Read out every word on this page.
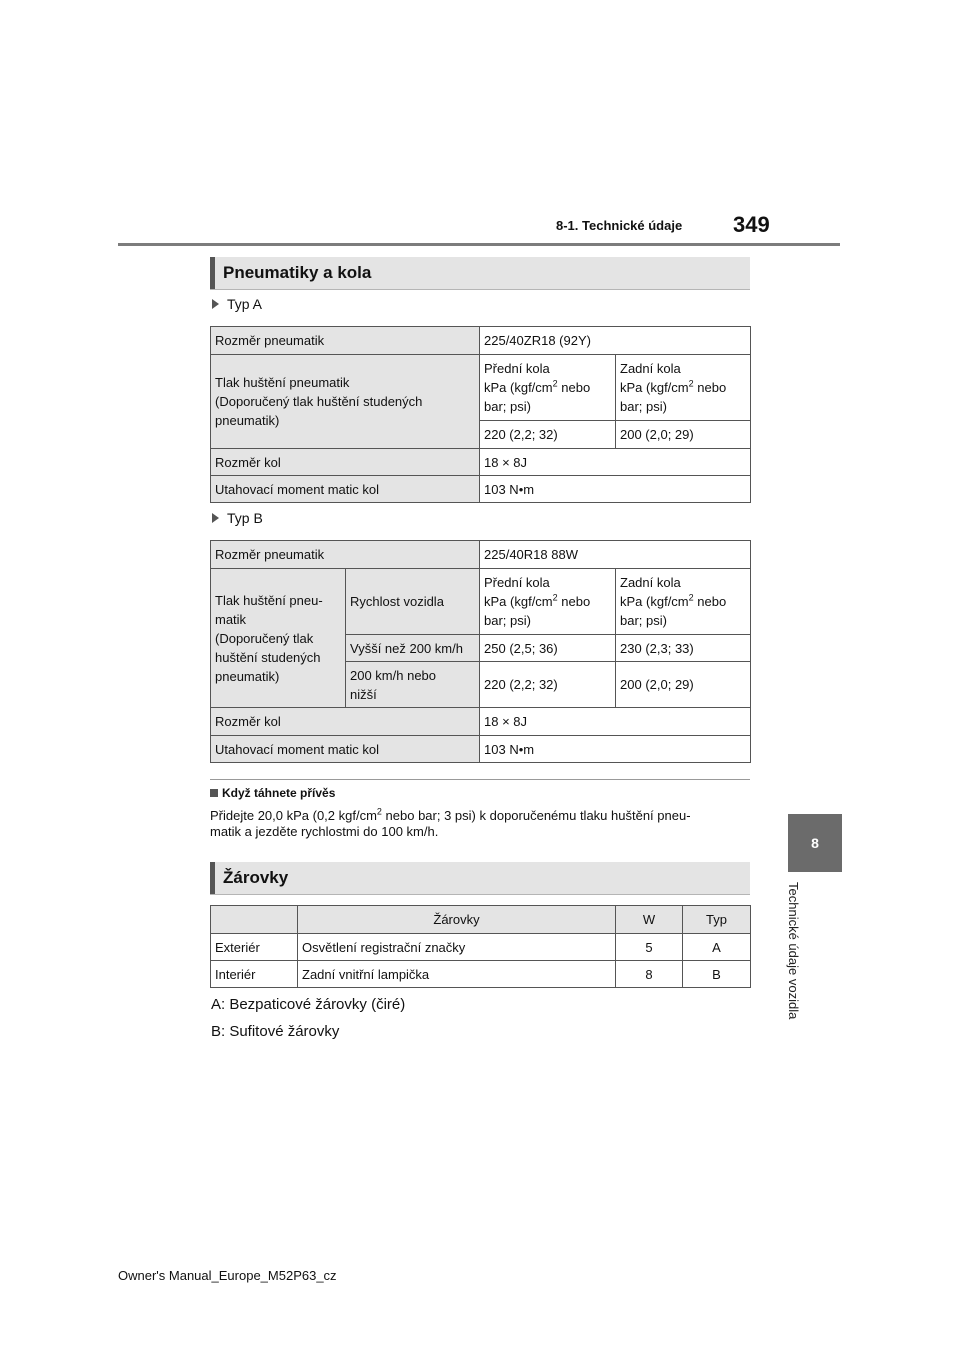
8-1. Technické údaje 349
8
Technické údaje vozidla
Pneumatiky a kola
Typ A
Rozměr pneumatik	225/40ZR18 (92Y)	
Tlak huštění pneumatik
(Doporučený tlak huštění studených
pneumatik)	Přední kola
kPa ($kgf/cm^2$ nebo
bar; psi)	Zadní kola
kPa ($kgf/cm^2$ nebo
bar; psi)
	220 (2,2; 32)	200 (2,0; 29)
Rozměr kol	18 × 8J	
Utahovací moment matic kol	103 N•m	
Typ B
Rozměr pneumatik		225/40R18 88W	
Tlak huštění pneu-
matik
(Doporučený tlak
huštění studených
pneumatik)	Rychlost vozidla	Přední kola
kPa ($kgf/cm^2$ nebo
bar; psi)	Zadní kola
kPa ($kgf/cm^2$ nebo
bar; psi)
	Vyšší než 200 km/h	250 (2,5; 36)	230 (2,3; 33)
	200 km/h nebo
nižší	220 (2,2; 32)	200 (2,0; 29)
Rozměr kol		18 × 8J	
Utahovací moment matic kol		103 N•m	
Když táhnete přívěs
Přidejte 20,0 kPa (0,2 kgf/$cm^2$ nebo bar; 3 psi) k doporučenému tlaku huštění pneu-
matik a jezděte rychlostmi do 100 km/h.
Žárovky
	Žárovky	W	Typ
Exteriér	Osvětlení registrační značky	5	A
Interiér	Zadní vnitřní lampička	8	B
A: Bezpaticové žárovky (čiré)
B: Sufitové žárovky
Owner's Manual_Europe_M52P63_cz
